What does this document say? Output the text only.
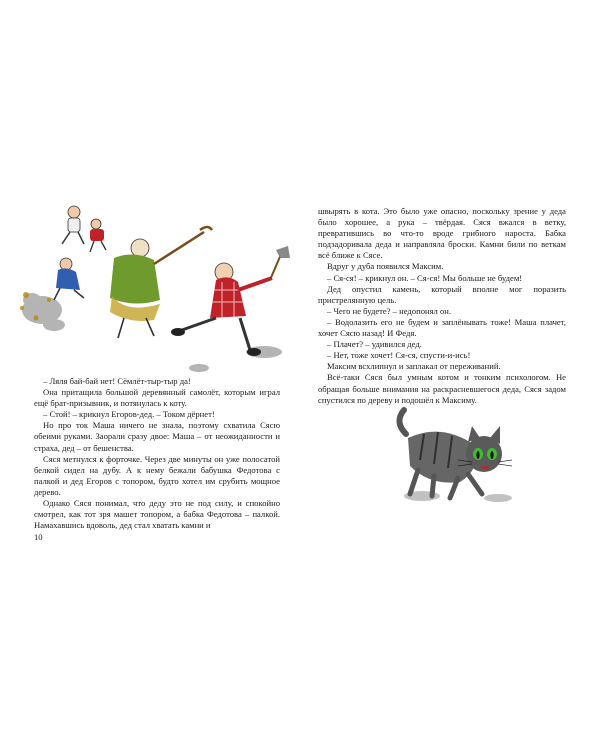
– Ляля бай-бай нет! Сёмлёт-тыр-тыр да!

Она притащила большой деревянный самолёт, которым играл ещё брат-призывник, и потянулась к коту.

– Стой! – крикнул Егоров-дед. – Током дёрнет!

Но про ток Маша ничего не знала, поэтому схватила Сясю обеими руками. Заорали сразу двое: Маша – от неожиданности и страха, дед – от бешенства.

Сяся метнулся к форточке. Через две минуты он уже полосатой белкой сидел на дубу. А к нему бежали бабушка Федотова с палкой и дед Егоров с топором, будто хотел им срубить мощное дерево.

Однако Сяся понимал, что деду это не под силу, и спокойно смотрел, как тот зря машет топором, а бабка Федотова – палкой. Намахавшись вдоволь, дед стал хватать камни и

швырять в кота. Это было уже опасно, поскольку зрение у деда было хорошее, а рука – твёрдая. Сяся вжался в ветку, превратившись во что-то вроде грибного нароста. Бабка подзадоривала деда и направляла броски. Камни били по веткам всё ближе к Сясе.

Вдруг у дуба появился Максим.

– Ся-ся! – крикнул он. – Ся-ся! Мы больше не будем!

Дед опустил камень, который вполне мог поразить пристрелянную цель.

– Чего не будете? – недопонял он.

– Водолазить его не будем и заплёнывать тоже! Маша плачет, хочет Сясю назад! И Федя.

– Плачет? – удивился дед.

– Нет, тоже хочет! Ся-ся, спусти-и-ись!

Максим всхлипнул и заплакал от переживаний.

Всё-таки Сяся был умным котом и тонким психологом. Не обращая больше внимания на раскрасневшегося деда, Сяся задом спустился по дереву и подошёл к Максиму.

10
